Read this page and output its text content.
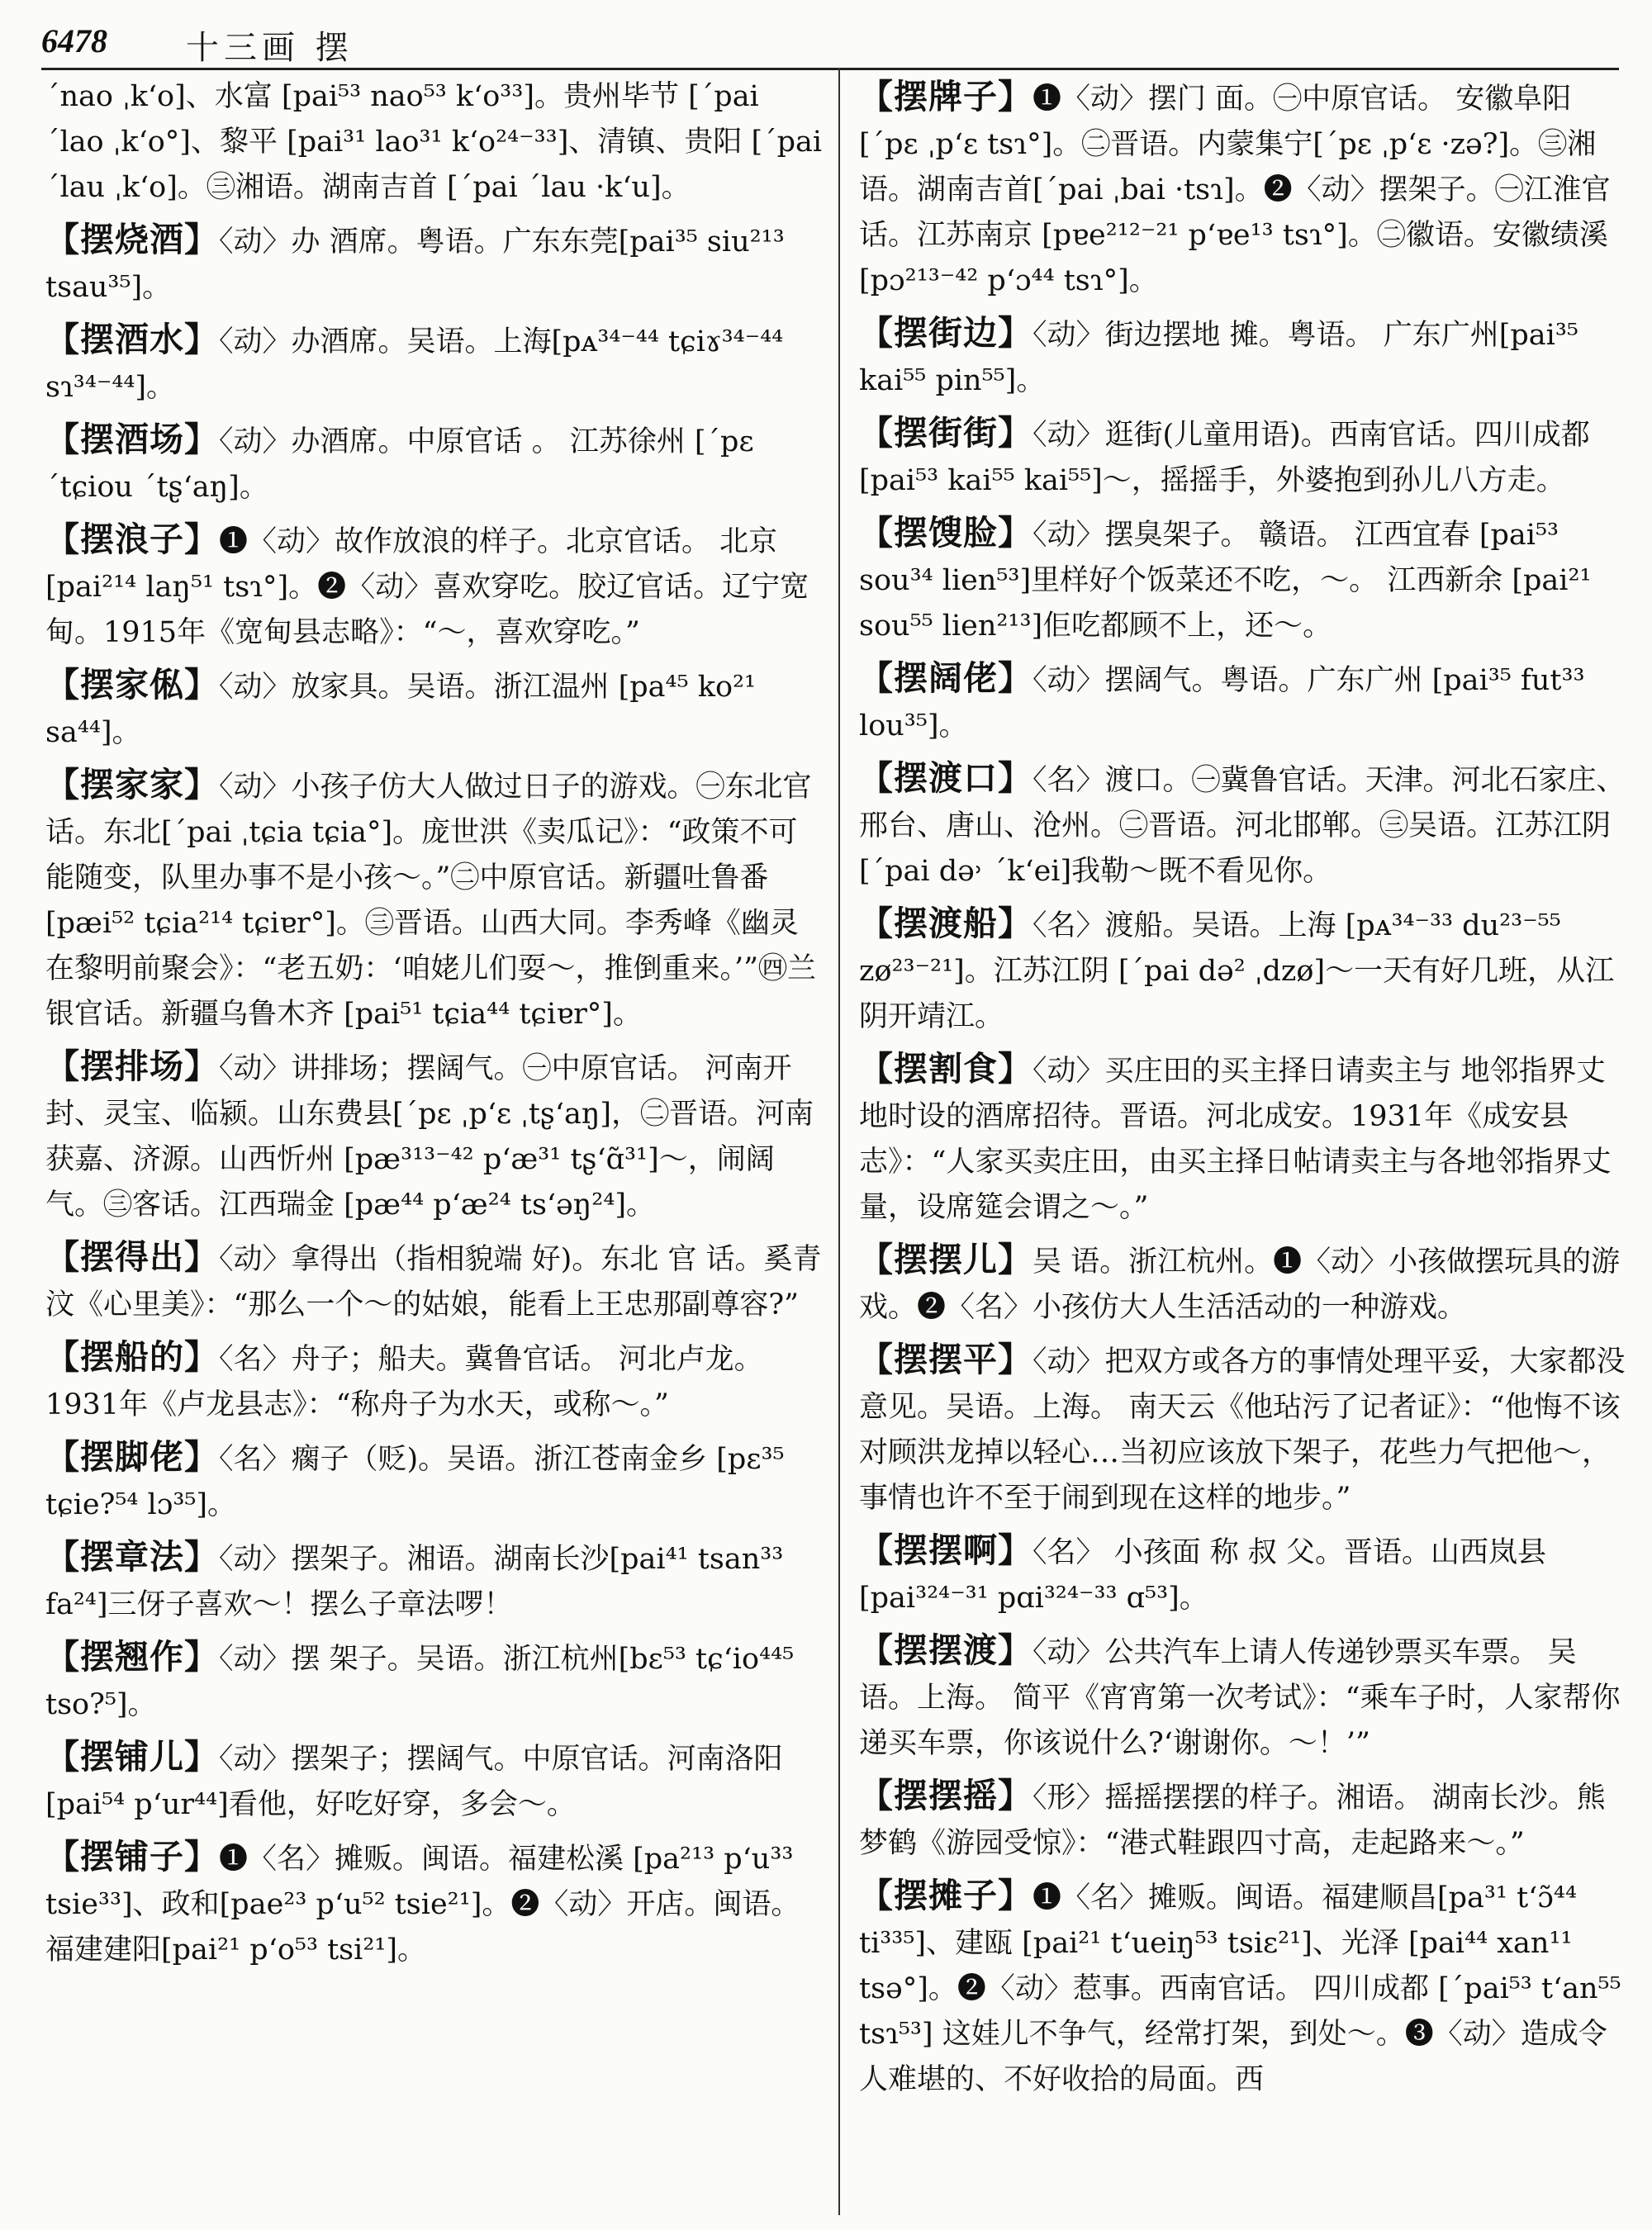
6478 十三画 摆

ˊnao ˌk‘o]、水富 [pai⁵³ nao⁵³ k‘o³³]。贵州毕节 [ˊpai ˊlao ˌk‘o°]、黎平 [pai³¹ lao³¹ k‘o²⁴⁻³³]、清镇、贵阳 [ˊpai ˊlau ˌk‘o]。㊂湘语。湖南吉首 [ˊpai ˊlau ·k‘u]。

【 摆烧酒 】 〈动〉办 酒席。粤语。广东东莞[pai³⁵ siu²¹³ tsau³⁵]。

【 摆酒水 】 〈动〉办酒席。吴语。上海[pᴀ³⁴⁻⁴⁴ tɕiɤ³⁴⁻⁴⁴ sɿ³⁴⁻⁴⁴]。

【 摆酒场 】 〈动〉办酒席。中原官话 。 江苏徐州 [ˊpɛ ˊtɕiou ˊtʂ‘aŋ]。

【 摆浪子 】 ❶〈动〉故作放浪的样子。北京官话。 北京 [pai²¹⁴ laŋ⁵¹ tsɿ°]。❷〈动〉喜欢穿吃。胶辽官话。辽宁宽甸。1915年《宽甸县志略》：“～，喜欢穿吃。”

【 摆家俬 】 〈动〉放家具。吴语。浙江温州 [pa⁴⁵ ko²¹ sa⁴⁴]。

【 摆家家 】 〈动〉小孩子仿大人做过日子的游戏。㊀东北官话。东北[ˊpai ˌtɕia tɕia°]。庞世洪《卖瓜记》：“政策不可能随变，队里办事不是小孩～。”㊁中原官话。新疆吐鲁番 [pæi⁵² tɕia²¹⁴ tɕiɐr°]。㊂晋语。山西大同。李秀峰《幽灵在黎明前聚会》：“老五奶：‘咱姥儿们耍～，推倒重来。’”㊃兰银官话。新疆乌鲁木齐 [pai⁵¹ tɕia⁴⁴ tɕiɐr°]。

【 摆排场 】 〈动〉讲排场；摆阔气。㊀中原官话。 河南开封、灵宝、临颍。山东费县[ˊpɛ ˌp‘ɛ ˌtʂ‘aŋ]，㊁晋语。河南获嘉、济源。山西忻州 [pæ³¹³⁻⁴² p‘æ³¹ tʂ‘ɑ̃³¹]～，闹阔气。㊂客话。江西瑞金 [pæ⁴⁴ p‘æ²⁴ ts‘əŋ²⁴]。

【 摆得出 】 〈动〉拿得出（指相貌端 好)。东北 官 话。奚青汶《心里美》：“那么一个～的姑娘，能看上王忠那副尊容?”

【 摆船的 】 〈名〉舟子；船夫。冀鲁官话。 河北卢龙。1931年《卢龙县志》：“称舟子为水天，或称～。”

【 摆脚佬 】 〈名〉瘸子（贬)。吴语。浙江苍南金乡 [pɛ³⁵ tɕie?⁵⁴ lɔ³⁵]。

【 摆章法 】 〈动〉摆架子。湘语。湖南长沙[pai⁴¹ tsan³³ fa²⁴]三伢子喜欢～！摆么子章法啰！

【 摆翘作 】 〈动〉摆 架子。吴语。浙江杭州[bɛ⁵³ tɕ‘io⁴⁴⁵ tso?⁵]。

【 摆铺儿 】 〈动〉摆架子；摆阔气。中原官话。河南洛阳 [pai⁵⁴ p‘ur⁴⁴]看他，好吃好穿，多会～。

【 摆铺子 】 ❶〈名〉摊贩。闽语。福建松溪 [pa²¹³ p‘u³³ tsie³³]、政和[pae²³ p‘u⁵² tsie²¹]。❷〈动〉开店。闽语。福建建阳[pai²¹ p‘o⁵³ tsi²¹]。

【 摆牌子 】 ❶〈动〉摆门 面。㊀中原官话。 安徽阜阳 [ˊpɛ ˌp‘ɛ tsɿ°]。㊁晋语。内蒙集宁[ˊpɛ ˌp‘ɛ ·zə?]。㊂湘语。湖南吉首[ˊpai ˌbai ·tsɿ]。❷〈动〉摆架子。㊀江淮官话。江苏南京 [pɐe²¹²⁻²¹ p‘ɐe¹³ tsɿ°]。㊁徽语。安徽绩溪 [pɔ²¹³⁻⁴² p‘ɔ⁴⁴ tsɿ°]。

【 摆街边 】 〈动〉街边摆地 摊。粤语。 广东广州[pai³⁵ kai⁵⁵ pin⁵⁵]。

【 摆街街 】 〈动〉逛街(儿童用语)。西南官话。四川成都 [pai⁵³ kai⁵⁵ kai⁵⁵]～，摇摇手，外婆抱到孙儿八方走。

【 摆馊脸 】 〈动〉摆臭架子。 赣语。 江西宜春 [pai⁵³ sou³⁴ lien⁵³]里样好个饭菜还不吃，～。 江西新余 [pai²¹ sou⁵⁵ lien²¹³]佢吃都顾不上，还～。

【 摆阔佬 】 〈动〉摆阔气。粤语。广东广州 [pai³⁵ fut³³ lou³⁵]。

【 摆渡口 】 〈名〉渡口。㊀冀鲁官话。天津。河北石家庄、邢台、唐山、沧州。㊁晋语。河北邯郸。㊂吴语。江苏江阴[ˊpai də˒ ˊk‘ei]我勒～既不看见你。

【 摆渡船 】 〈名〉渡船。吴语。上海 [pᴀ³⁴⁻³³ du²³⁻⁵⁵ zø²³⁻²¹]。江苏江阴 [ˊpai də² ˌdzø]～一天有好几班，从江阴开靖江。

【 摆割食 】 〈动〉买庄田的买主择日请卖主与 地邻指界丈地时设的酒席招待。晋语。河北成安。1931年《成安县志》：“人家买卖庄田，由买主择日帖请卖主与各地邻指界丈量，设席筵会谓之～。”

【 摆摆儿 】 吴 语。浙江杭州。❶〈动〉小孩做摆玩具的游戏。❷〈名〉小孩仿大人生活活动的一种游戏。

【 摆摆平 】 〈动〉把双方或各方的事情处理平妥，大家都没意见。吴语。上海。 南天云《他玷污了记者证》：“他悔不该对顾洪龙掉以轻心…当初应该放下架子，花些力气把他～，事情也许不至于闹到现在这样的地步。”

【 摆摆啊 】 〈名〉 小孩面 称 叔 父。晋语。山西岚县 [pai³²⁴⁻³¹ pɑi³²⁴⁻³³ ɑ⁵³]。

【 摆摆渡 】 〈动〉公共汽车上请人传递钞票买车票。 吴语。上海。 简平《宵宵第一次考试》：“乘车子时，人家帮你递买车票，你该说什么?‘谢谢你。～！’”

【 摆摆摇 】 〈形〉摇摇摆摆的样子。湘语。 湖南长沙。熊梦鹤《游园受惊》：“港式鞋跟四寸高，走起路来～。”

【 摆摊子 】 ❶〈名〉摊贩。闽语。福建顺昌[pa³¹ t‘ɔ̃⁴⁴ ti³³⁵]、建瓯 [pai²¹ t‘ueiŋ⁵³ tsiɛ²¹]、光泽 [pai⁴⁴ xan¹¹ tsə°]。❷〈动〉惹事。西南官话。 四川成都 [ˊpai⁵³ t‘an⁵⁵ tsɿ⁵³] 这娃儿不争气，经常打架，到处～。❸〈动〉造成令人难堪的、不好收拾的局面。西
